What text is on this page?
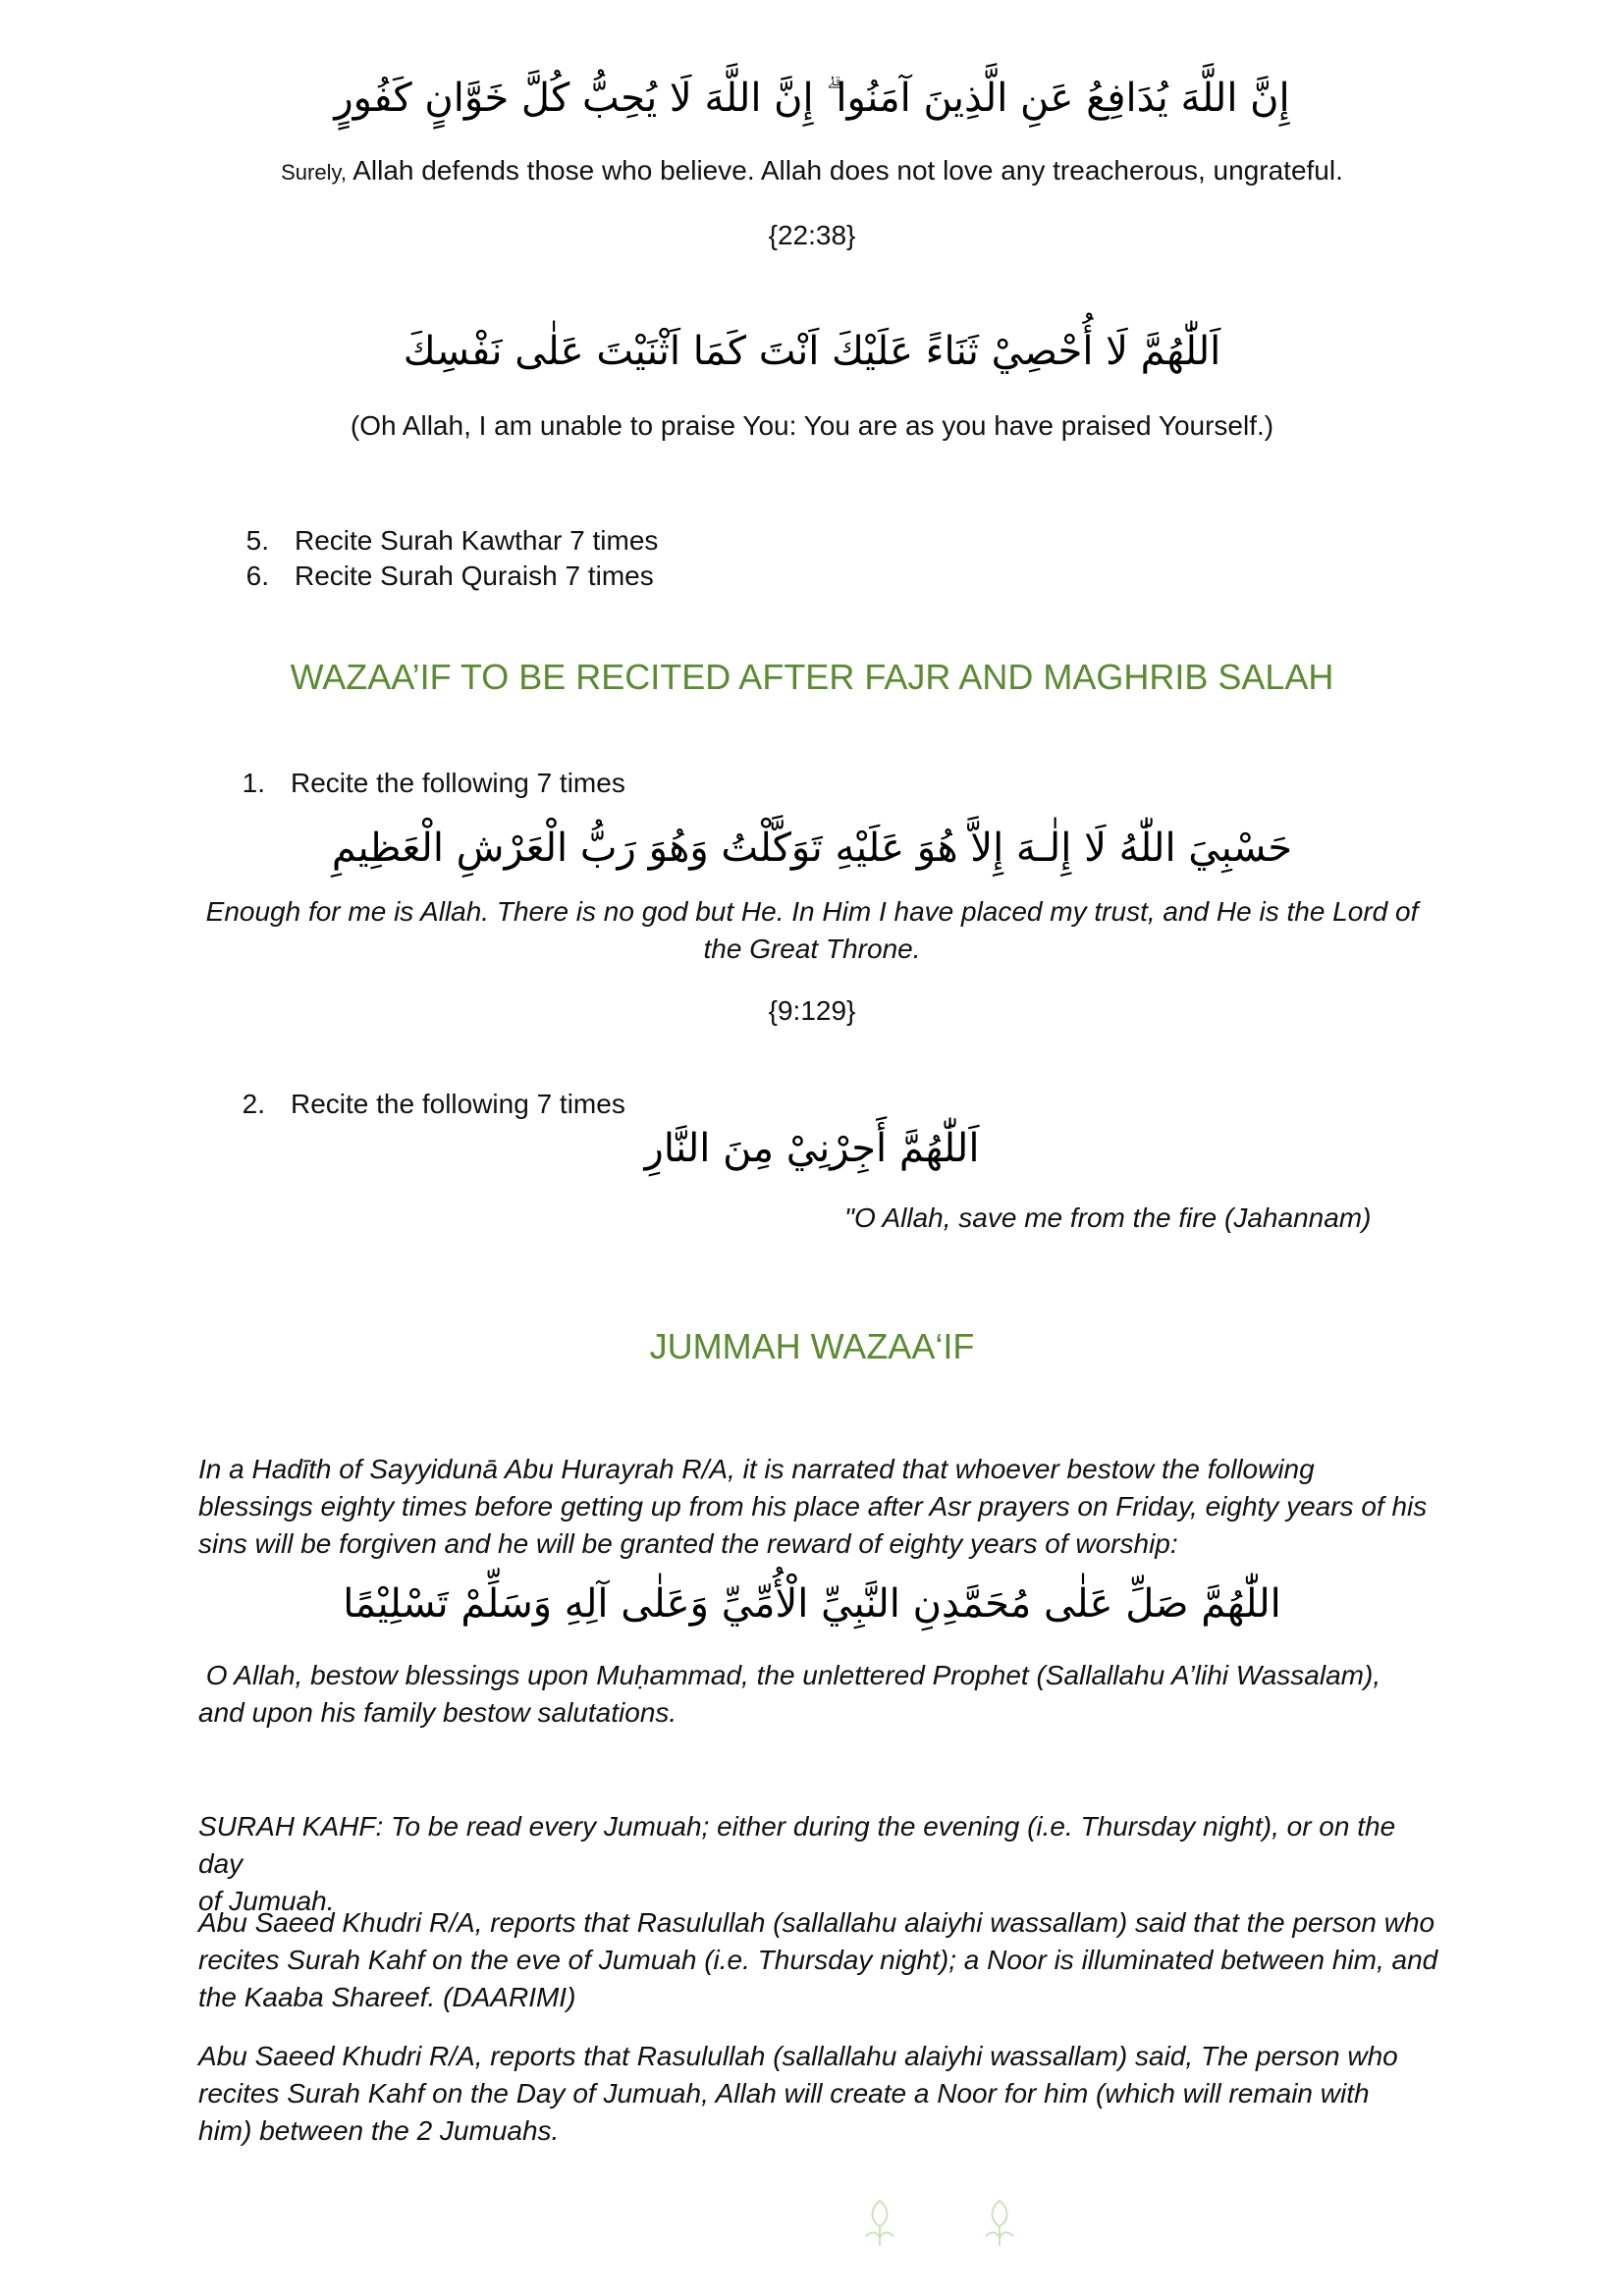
إِنَّ اللَّهَ يُدَافِعُ عَنِ الَّذِينَ آمَنُوا ۗ إِنَّ اللَّهَ لَا يُحِبُّ كُلَّ خَوَّانٍ كَفُورٍ
Surely, Allah defends those who believe. Allah does not love any treacherous, ungrateful.
{22:38}
اَللّٰهُمَّ لَا أُحْصِيْ ثَنَاءً عَلَيْكَ اَنْتَ كَمَا اَثْنَيْتَ عَلٰى نَفْسِكَ
(Oh Allah, I am unable to praise You: You are as you have praised Yourself.)
5. Recite Surah Kawthar 7 times
6. Recite Surah Quraish 7 times
WAZAA’IF TO BE RECITED AFTER FAJR AND MAGHRIB SALAH
1. Recite the following 7 times
حَسْبِيَ اللّٰهُ لَا إِلٰـهَ إِلاَّ هُوَ عَلَيْهِ تَوَكَّلْتُ وَهُوَ رَبُّ الْعَرْشِ الْعَظِيمِ
Enough for me is Allah. There is no god but He. In Him I have placed my trust, and He is the Lord of
the Great Throne.
{9:129}
2. Recite the following 7 times
اَللّٰهُمَّ أَجِرْنِيْ مِنَ النَّارِ
"O Allah, save me from the fire (Jahannam)
JUMMAH WAZAA‘IF
In a Hadīth of Sayyidunā Abu Hurayrah R/A, it is narrated that whoever bestow the following
blessings eighty times before getting up from his place after Asr prayers on Friday, eighty years of his
sins will be forgiven and he will be granted the reward of eighty years of worship:
اللّٰهُمَّ صَلِّ عَلٰى مُحَمَّدِنِ النَّبِيِّ الْأُمِّيِّ وَعَلٰى آلِهِ وَسَلِّمْ تَسْلِيْمًا
O Allah, bestow blessings upon Muḥammad, the unlettered Prophet (Sallallahu A’lihi Wassalam),
and upon his family bestow salutations.
SURAH KAHF: To be read every Jumuah; either during the evening (i.e. Thursday night), or on the day
of Jumuah.
Abu Saeed Khudri R/A, reports that Rasulullah (sallallahu alaiyhi wassallam) said that the person who
recites Surah Kahf on the eve of Jumuah (i.e. Thursday night); a Noor is illuminated between him, and
the Kaaba Shareef. (DAARIMI)
Abu Saeed Khudri R/A, reports that Rasulullah (sallallahu alaiyhi wassallam) said, The person who
recites Surah Kahf on the Day of Jumuah, Allah will create a Noor for him (which will remain with
him) between the 2 Jumuahs.
